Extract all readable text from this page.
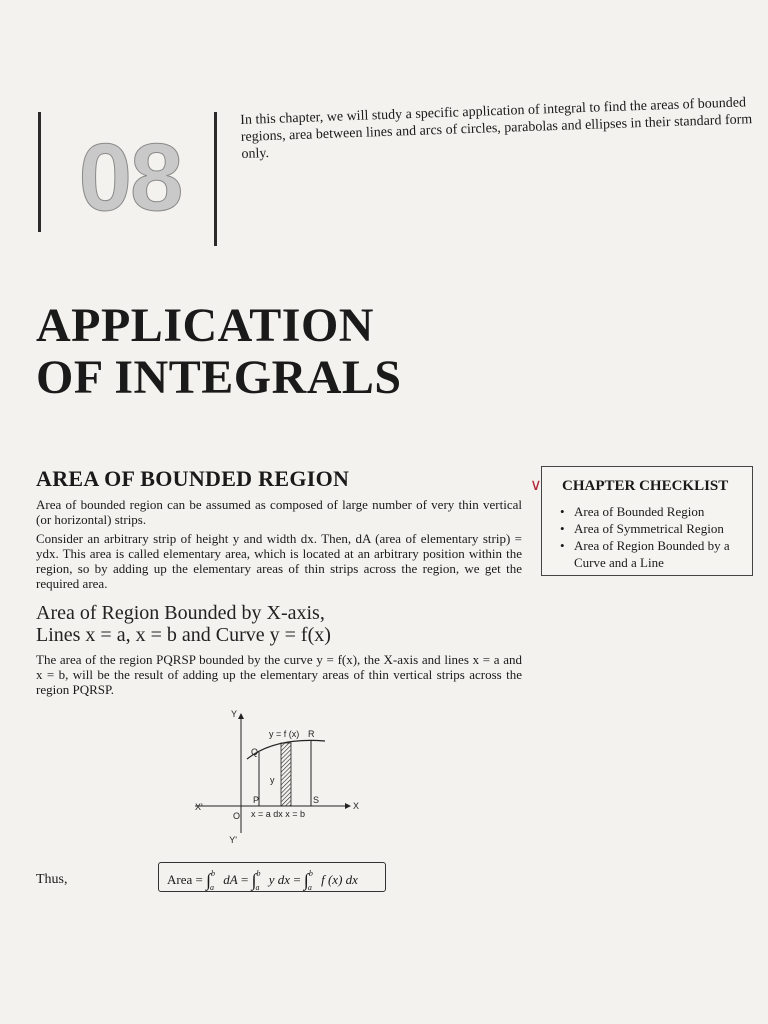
08
In this chapter, we will study a specific application of integral to find the areas of bounded regions, area between lines and arcs of circles, parabolas and ellipses in their standard form only.
APPLICATION
OF INTEGRALS
AREA OF BOUNDED REGION
Area of bounded region can be assumed as composed of large number of very thin vertical (or horizontal) strips.
Consider an arbitrary strip of height y and width dx. Then, dA (area of elementary strip) = ydx. This area is called elementary area, which is located at an arbitrary position within the region, so by adding up the elementary areas of thin strips across the region, we get the required area.
Area of Region Bounded by X-axis,
Lines x = a, x = b and Curve y = f(x)
The area of the region PQRSP bounded by the curve y = f(x), the X-axis and lines x = a and x = b, will be the result of adding up the elementary areas of thin vertical strips across the region PQRSP.
∨ CHAPTER CHECKLIST
• Area of Bounded Region
• Area of Symmetrical Region
• Area of Region Bounded by a Curve and a Line
Y
Y'
X
X'
O
y = f (x) R
Q
P	S
y
x = a dx x = b
Thus,	Area = ∫$^{ba}$ dA = ∫$^{ba}$ y dx = ∫$^{ba}$ f (x) dx
